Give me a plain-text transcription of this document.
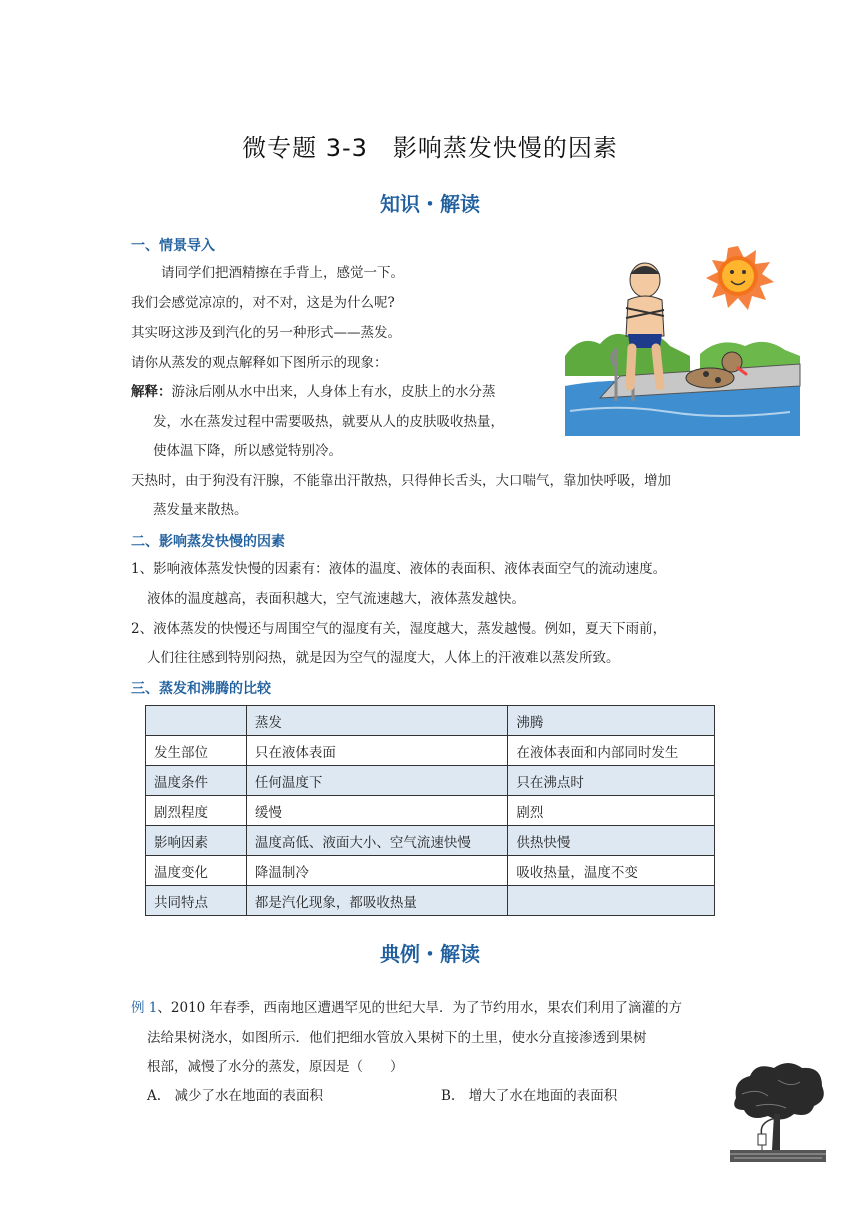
微专题 3-3　影响蒸发快慢的因素
知识・解读
一、情景导入
请同学们把酒精擦在手背上，感觉一下。
我们会感觉凉凉的，对不对，这是为什么呢?
其实呀这涉及到汽化的另一种形式——蒸发。
请你从蒸发的观点解释如下图所示的现象：
解释：游泳后刚从水中出来，人身体上有水，皮肤上的水分蒸
发，水在蒸发过程中需要吸热，就要从人的皮肤吸收热量，
使体温下降，所以感觉特别冷。
天热时，由于狗没有汗腺，不能靠出汗散热，只得伸长舌头，大口喘气，靠加快呼吸，增加
蒸发量来散热。
二、影响蒸发快慢的因素
1、影响液体蒸发快慢的因素有：液体的温度、液体的表面积、液体表面空气的流动速度。
液体的温度越高，表面积越大，空气流速越大，液体蒸发越快。
2、液体蒸发的快慢还与周围空气的湿度有关，湿度越大，蒸发越慢。例如，夏天下雨前，
人们往往感到特别闷热，就是因为空气的湿度大，人体上的汗液难以蒸发所致。
三、蒸发和沸腾的比较
	蒸发	沸腾
发生部位	只在液体表面	在液体表面和内部同时发生
温度条件	任何温度下	只在沸点时
剧烈程度	缓慢	剧烈
影响因素	温度高低、液面大小、空气流速快慢	供热快慢
温度变化	降温制冷	吸收热量，温度不变
共同特点	都是汽化现象，都吸收热量	
典例・解读
例 1、2010 年春季，西南地区遭遇罕见的世纪大旱．为了节约用水，果农们利用了滴灌的方
法给果树浇水，如图所示．他们把细水管放入果树下的土里，使水分直接渗透到果树
根部，减慢了水分的蒸发，原因是（　　）
A.　减少了水在地面的表面积	B.　增大了水在地面的表面积
